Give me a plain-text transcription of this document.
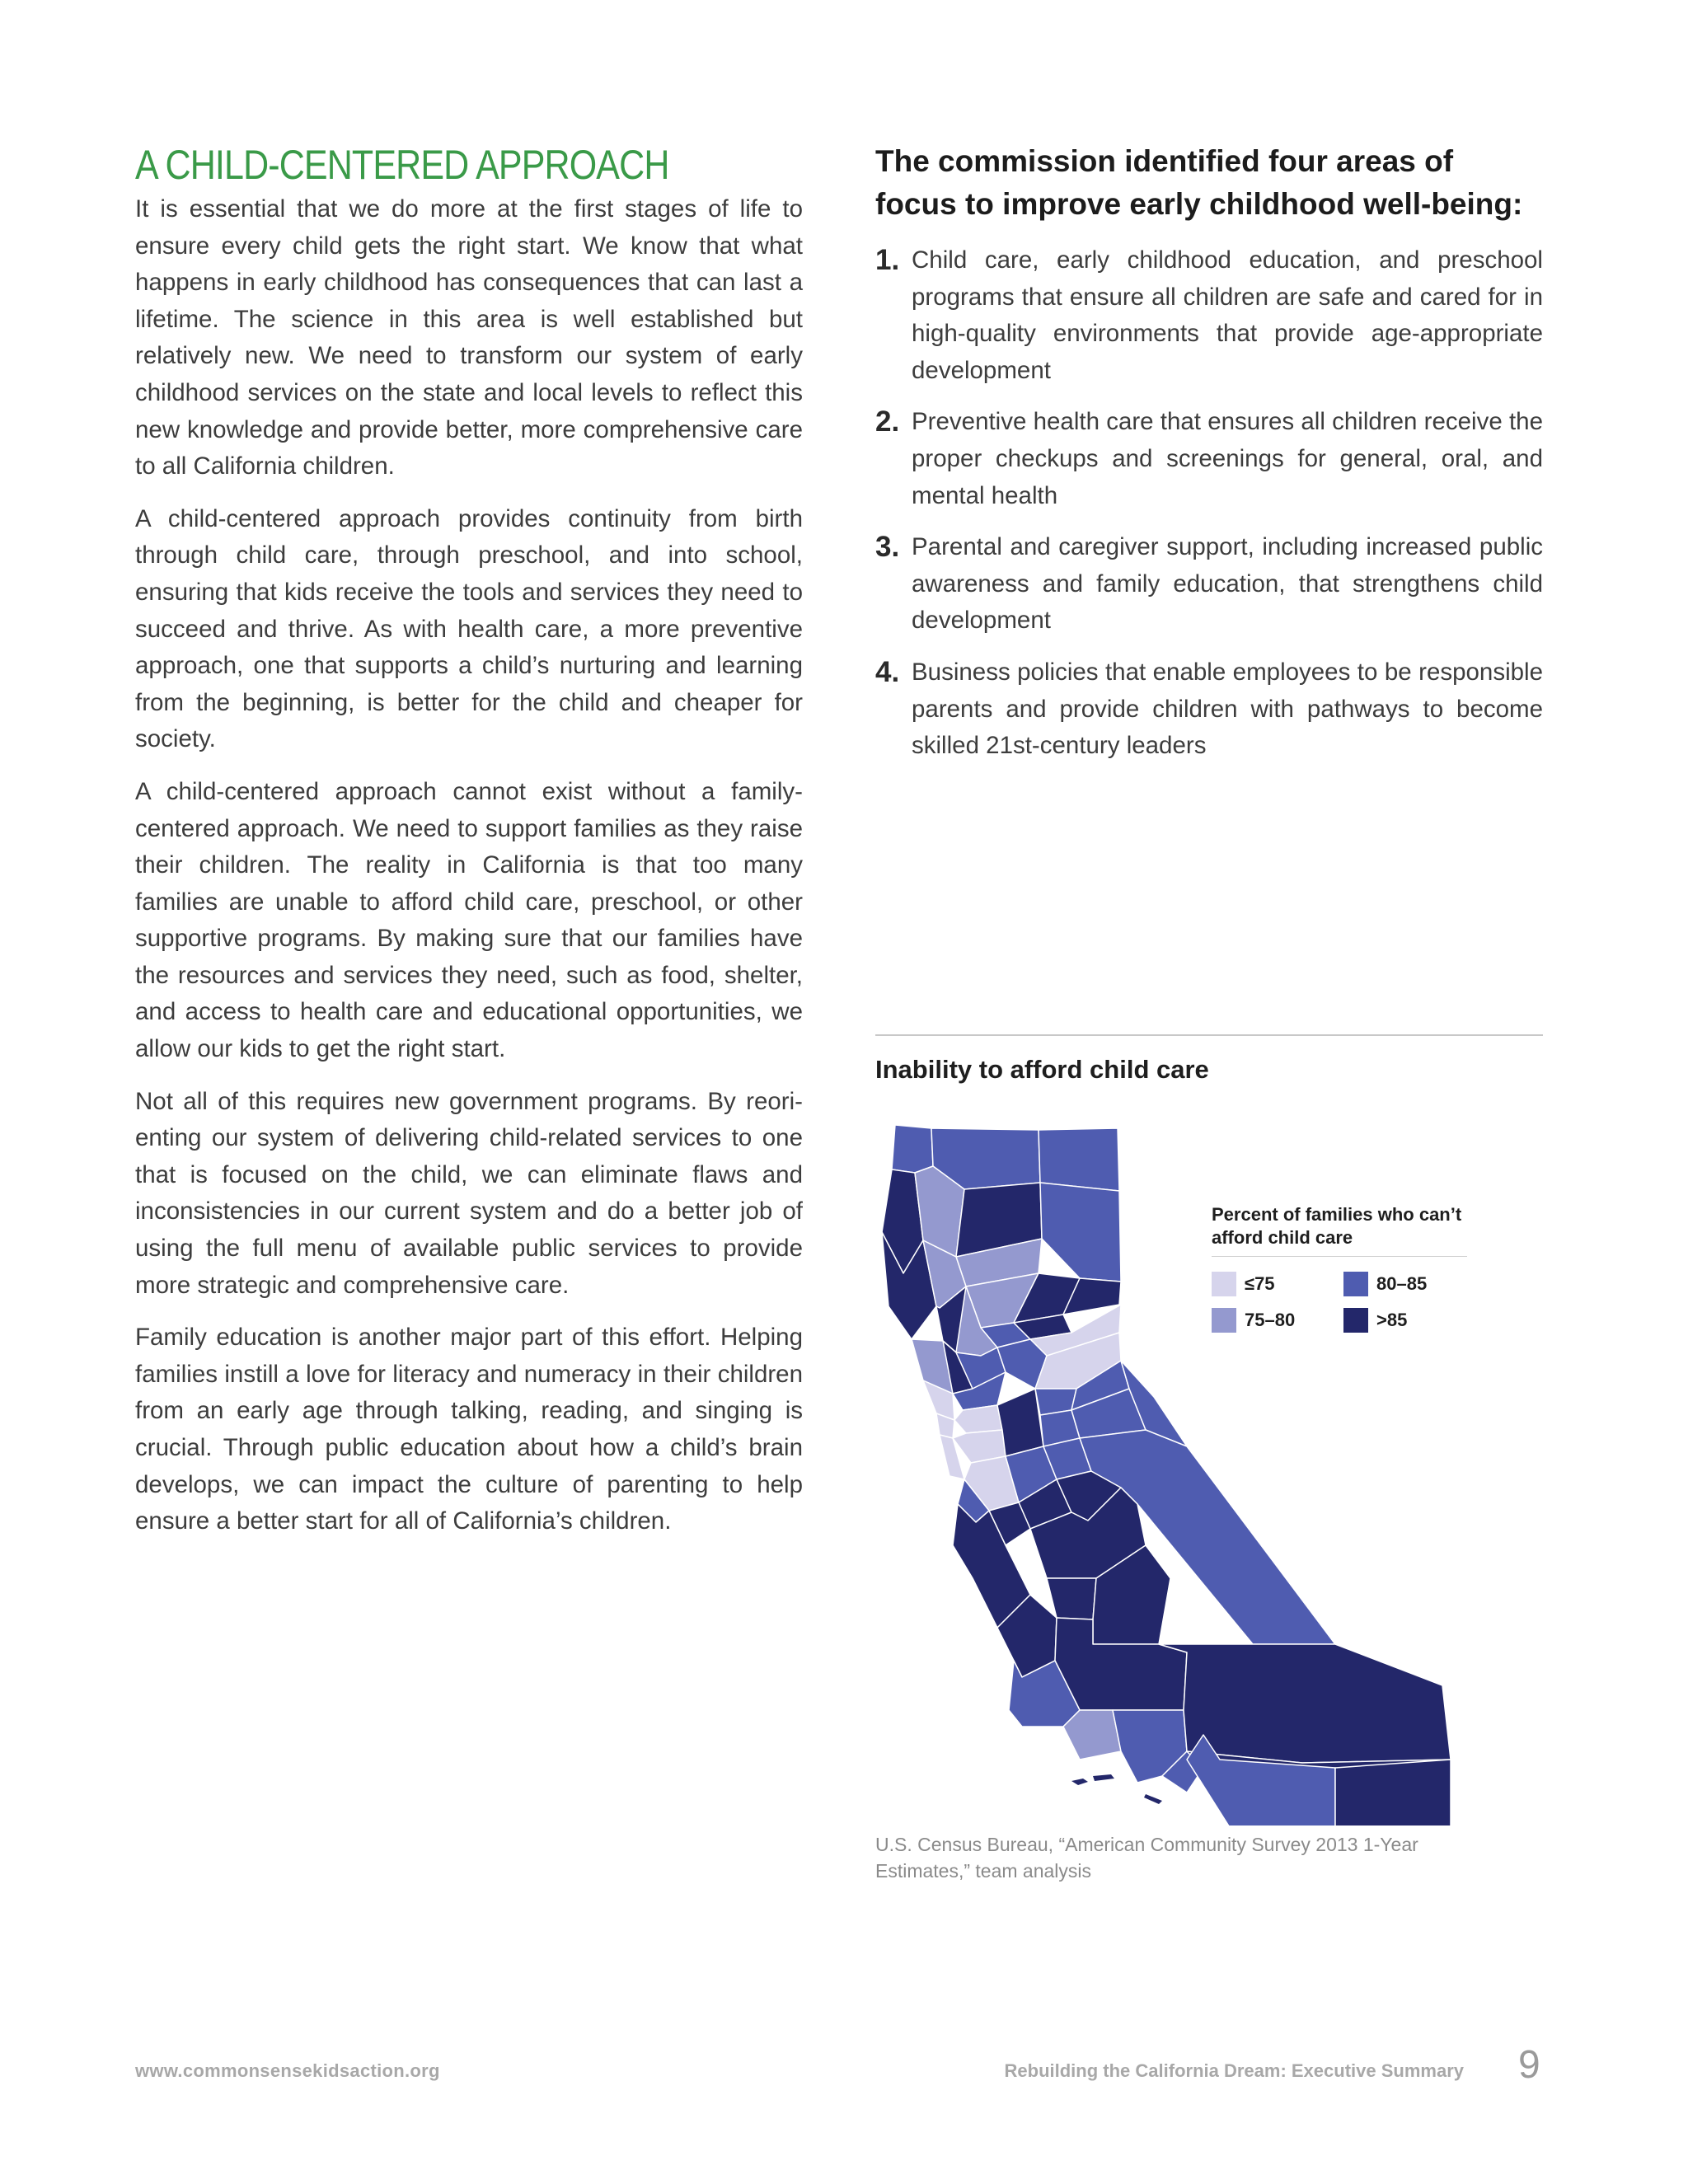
A CHILD-CENTERED APPROACH

It is essential that we do more at the first stages of life to ensure every child gets the right start. We know that what happens in early childhood has consequences that can last a lifetime. The science in this area is well established but relatively new. We need to transform our system of early childhood services on the state and local levels to reflect this new knowledge and provide better, more comprehensive care to all California children.

A child-centered approach provides continuity from birth through child care, through preschool, and into school, ensuring that kids receive the tools and services they need to succeed and thrive. As with health care, a more preventive approach, one that supports a child’s nurturing and learning from the beginning, is better for the child and cheaper for society.

A child-centered approach cannot exist without a family-centered approach. We need to support families as they raise their children. The reality in California is that too many families are unable to afford child care, preschool, or other supportive programs. By making sure that our families have the resources and services they need, such as food, shelter, and access to health care and educational opportunities, we allow our kids to get the right start.

Not all of this requires new government programs. By reorienting our system of delivering child-related services to one that is focused on the child, we can eliminate flaws and inconsistencies in our current system and do a better job of using the full menu of available public services to provide more strategic and comprehensive care.

Family education is another major part of this effort. Helping families instill a love for literacy and numeracy in their children from an early age through talking, reading, and singing is crucial. Through public education about how a child’s brain develops, we can impact the culture of parenting to help ensure a better start for all of California’s children.

The commission identified four areas of focus to improve early childhood well-being:
1. Child care, early childhood education, and preschool programs that ensure all children are safe and cared for in high-quality environments that provide age-appropriate development
2. Preventive health care that ensures all children receive the proper checkups and screenings for general, oral, and mental health
3. Parental and caregiver support, including increased public awareness and family education, that strengthens child development
4. Business policies that enable employees to be responsible parents and provide children with pathways to become skilled 21st-century leaders
Inability to afford child care
Percent of families who can’t afford child care
≤75	80–85
75–80	>85
U.S. Census Bureau, “American Community Survey 2013 1-Year Estimates,” team analysis
www.commonsensekidsaction.org	Rebuilding the California Dream: Executive Summary 9
